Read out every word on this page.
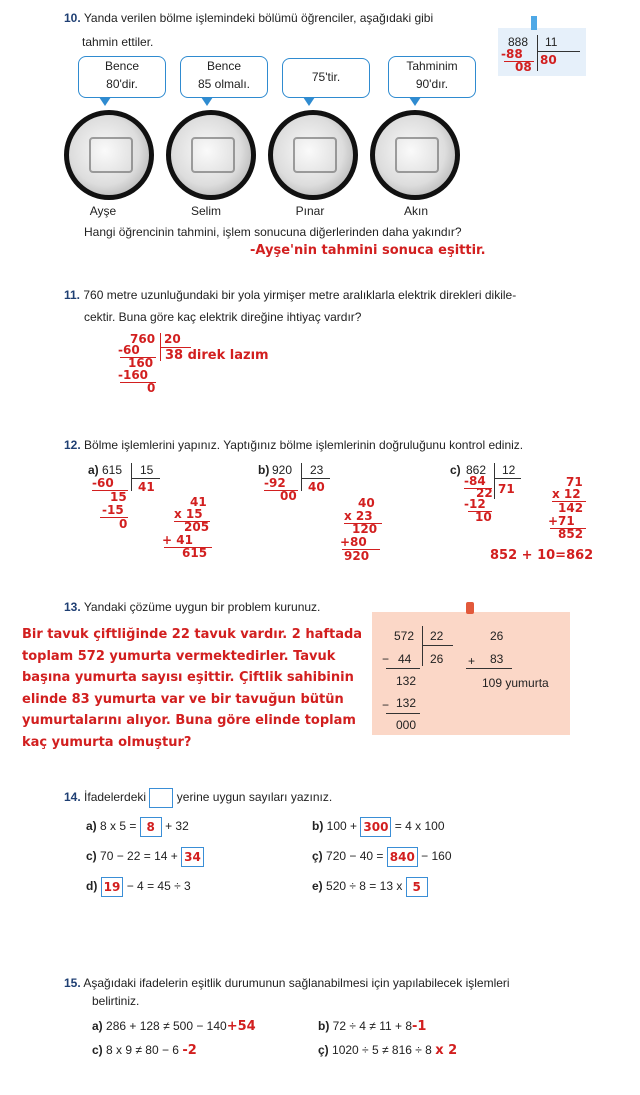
10. Yanda verilen bölme işlemindeki bölümü öğrenciler, aşağıdaki gibi
tahmin ettiler.	888 11
-88
08 80
Bence
80'dir.
Bence
85 olmalı.	75'tir.
Tahminim
90'dır.
Ayşe	Selim	Pınar	Akın
Hangi öğrencinin tahmini, işlem sonucuna diğerlerinden daha yakındır?
-Ayşe'nin tahmini sonuca eşittir.
11. 760 metre uzunluğundaki bir yola yirmişer metre aralıklarla elektrik direkleri dikile-
cektir. Buna göre kaç elektrik direğine ihtiyaç vardır?
760 20
-60
160
-160
0
38 direk lazım
12. Bölme işlemlerini yapınız. Yaptığınız bölme işlemlerinin doğruluğunu kontrol ediniz.
a) 615 15
-60
15
41
-15
0
41
x 15
205
+ 41
615
b) 920 23
-92
00
40
40
x 23
120
+80
920
c) 862 12
-84
22 71
-12
10
71
x 12
142
+71
852
852 + 10=862
13. Yandaki çözüme uygun bir problem kurunuz.
Bir tavuk çiftliğinde 22 tavuk vardır. 2 haftada
toplam 572 yumurta vermektedirler. Tavuk
başına yumurta sayısı eşittir. Çiftlik sahibinin
elinde 83 yumurta var ve bir tavuğun bütün
yumurtalarını alıyor. Buna göre elinde toplam
kaç yumurta olmuştur?
572 22
− 44 26
132
− 132
000
26
+ 83
109 yumurta
14. İfadelerdeki	yerine uygun sayıları yazınız.
a) 8 x 5 = 8 + 32	b) 100 + 300 = 4 x 100
c) 70 − 22 = 14 + 34	ç) 720 − 40 = 840 − 160
d) 19 − 4 = 45 ÷ 3	e) 520 ÷ 8 = 13 x 5
15. Aşağıdaki ifadelerin eşitlik durumunun sağlanabilmesi için yapılabilecek işlemleri
belirtiniz.
a) 286 + 128 ≠ 500 − 140+54	b) 72 ÷ 4 ≠ 11 + 8-1
c) 8 x 9 ≠ 80 − 6 -2	ç) 1020 ÷ 5 ≠ 816 ÷ 8 x 2
